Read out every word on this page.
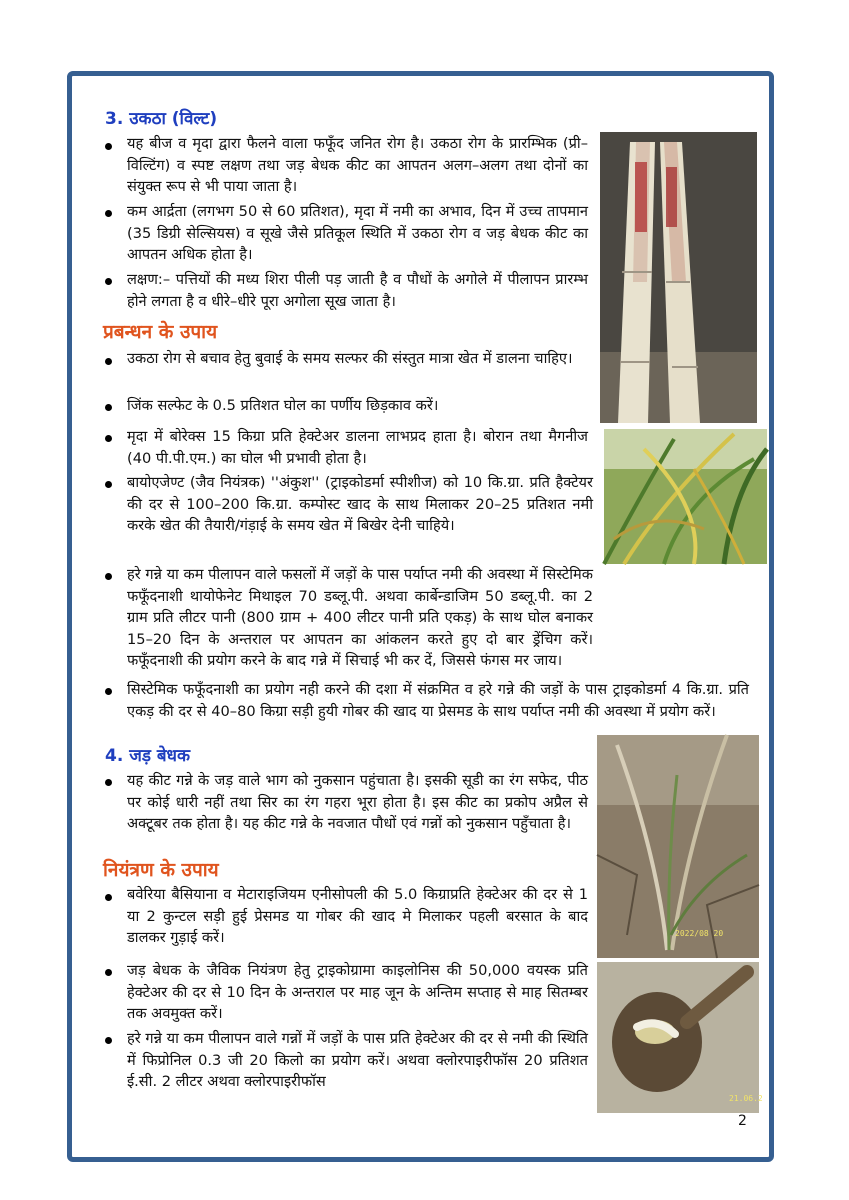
3. उकठा (विल्ट)

यह बीज व मृदा द्वारा फैलने वाला फफूँद जनित रोग है। उकठा रोग के प्रारम्भिक (प्री–विल्टिंग) व स्पष्ट लक्षण तथा जड़ बेधक कीट का आपतन अलग–अलग तथा दोनों का संयुक्त रूप से भी पाया जाता है।

कम आर्द्रता (लगभग 50 से 60 प्रतिशत), मृदा में नमी का अभाव, दिन में उच्च तापमान (35 डिग्री सेल्सियस) व सूखे जैसे प्रतिकूल स्थिति में उकठा रोग व जड़ बेधक कीट का आपतन अधिक होता है।

लक्षण:– पत्तियों की मध्य शिरा पीली पड़ जाती है व पौधों के अगोले में पीलापन प्रारम्भ होने लगता है व धीरे–धीरे पूरा अगोला सूख जाता है।

प्रबन्धन के उपाय

उकठा रोग से बचाव हेतु बुवाई के समय सल्फर की संस्तुत मात्रा खेत में डालना चाहिए।

जिंक सल्फेट के 0.5 प्रतिशत घोल का पर्णीय छिड़काव करें।

मृदा में बोरेक्स 15 किग्रा प्रति हेक्टेअर डालना लाभप्रद हाता है। बोरान तथा मैगनीज (40 पी.पी.एम.) का घोल भी प्रभावी होता है।

बायोएजेण्ट (जैव नियंत्रक) ''अंकुश'' (ट्राइकोडर्मा स्पीशीज) को 10 कि.ग्रा. प्रति हैक्टेयर की दर से 100–200 कि.ग्रा. कम्पोस्ट खाद के साथ मिलाकर 20–25 प्रतिशत नमी करके खेत की तैयारी/गंड़ाई के समय खेत में बिखेर देनी चाहिये।

हरे गन्ने या कम पीलापन वाले फसलों में जड़ों के पास पर्याप्त नमी की अवस्था में सिस्टेमिक फफूँदनाशी थायोफेनेट मिथाइल 70 डब्लू.पी. अथवा कार्बेन्डाजिम 50 डब्लू.पी. का 2 ग्राम प्रति लीटर पानी (800 ग्राम + 400 लीटर पानी प्रति एकड़) के साथ घोल बनाकर 15–20 दिन के अन्तराल पर आपतन का आंकलन करते हुए दो बार ड्रेंचिग करें। फफूँदनाशी की प्रयोग करने के बाद गन्ने में सिचाई भी कर दें, जिससे फंगस मर जाय।

सिस्टेमिक फफूँदनाशी का प्रयोग नही करने की दशा में संक्रमित व हरे गन्ने की जड़ों के पास ट्राइकोडर्मा 4 कि.ग्रा. प्रति एकड़ की दर से 40–80 किग्रा सड़ी हुयी गोबर की खाद या प्रेसमड के साथ पर्याप्त नमी की अवस्था में प्रयोग करें।

4. जड़ बेधक

यह कीट गन्ने के जड़ वाले भाग को नुकसान पहुंचाता है। इसकी सूडी का रंग सफेद, पीठ पर कोई धारी नहीं तथा सिर का रंग गहरा भूरा होता है। इस कीट का प्रकोप अप्रैल से अक्टूबर तक होता है। यह कीट गन्ने के नवजात पौधों एवं गन्नों को नुकसान पहुँचाता है।

नियंत्रण के उपाय

बवेरिया बैसियाना व मेटाराइजियम एनीसोपली की 5.0 किग्राप्रति हेक्टेअर की दर से 1 या 2 कुन्टल सड़ी हुई प्रेसमड या गोबर की खाद मे मिलाकर पहली बरसात के बाद डालकर गुड़ाई करें।

जड़ बेधक के जैविक नियंत्रण हेतु ट्राइकोग्रामा काइलोनिस की 50,000 वयस्क प्रति हेक्टेअर की दर से 10 दिन के अन्तराल पर माह जून के अन्तिम सप्ताह से माह सितम्बर तक अवमुक्त करें।

हरे गन्ने या कम पीलापन वाले गन्नों में जड़ों के पास प्रति हेक्टेअर की दर से नमी की स्थिति में फिप्रोनिल 0.3 जी 20 किलो का प्रयोग करें। अथवा क्लोरपाइरीफॉस 20 प्रतिशत ई.सी. 2 लीटर अथवा क्लोरपाइरीफॉस

2022/08 20
21.06.2
2
